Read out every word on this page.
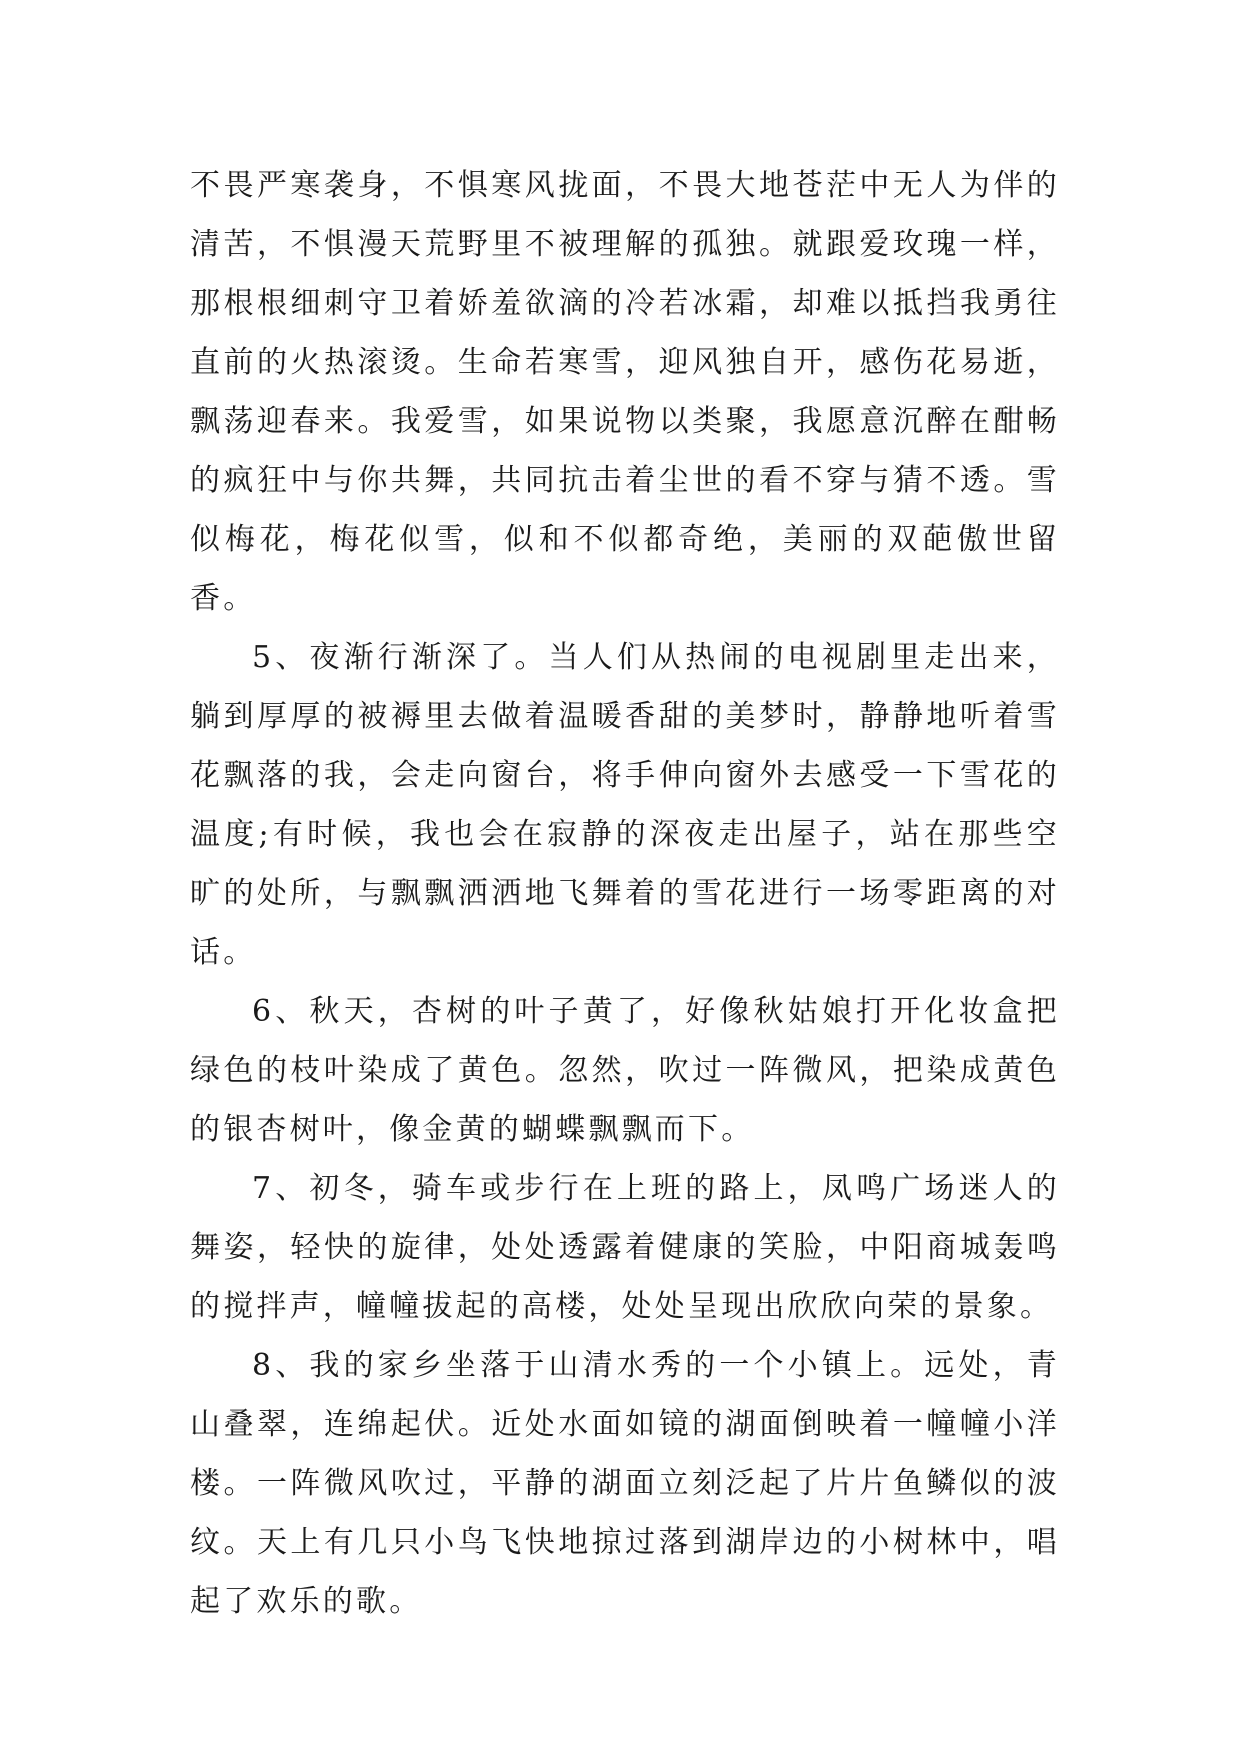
不畏严寒袭身，不惧寒风拢面，不畏大地苍茫中无人为伴的清苦，不惧漫天荒野里不被理解的孤独。就跟爱玫瑰一样，那根根细刺守卫着娇羞欲滴的冷若冰霜，却难以抵挡我勇往直前的火热滚烫。生命若寒雪，迎风独自开，感伤花易逝，飘荡迎春来。我爱雪，如果说物以类聚，我愿意沉醉在酣畅的疯狂中与你共舞，共同抗击着尘世的看不穿与猜不透。雪似梅花，梅花似雪，似和不似都奇绝，美丽的双葩傲世留香。

5、夜渐行渐深了。当人们从热闹的电视剧里走出来，躺到厚厚的被褥里去做着温暖香甜的美梦时，静静地听着雪花飘落的我，会走向窗台，将手伸向窗外去感受一下雪花的温度;有时候，我也会在寂静的深夜走出屋子，站在那些空旷的处所，与飘飘洒洒地飞舞着的雪花进行一场零距离的对话。

6、秋天，杏树的叶子黄了，好像秋姑娘打开化妆盒把绿色的枝叶染成了黄色。忽然，吹过一阵微风，把染成黄色的银杏树叶，像金黄的蝴蝶飘飘而下。

7、初冬，骑车或步行在上班的路上，凤鸣广场迷人的舞姿，轻快的旋律，处处透露着健康的笑脸，中阳商城轰鸣的搅拌声，幢幢拔起的高楼，处处呈现出欣欣向荣的景象。

8、我的家乡坐落于山清水秀的一个小镇上。远处，青山叠翠，连绵起伏。近处水面如镜的湖面倒映着一幢幢小洋楼。一阵微风吹过，平静的湖面立刻泛起了片片鱼鳞似的波纹。天上有几只小鸟飞快地掠过落到湖岸边的小树林中，唱起了欢乐的歌。
